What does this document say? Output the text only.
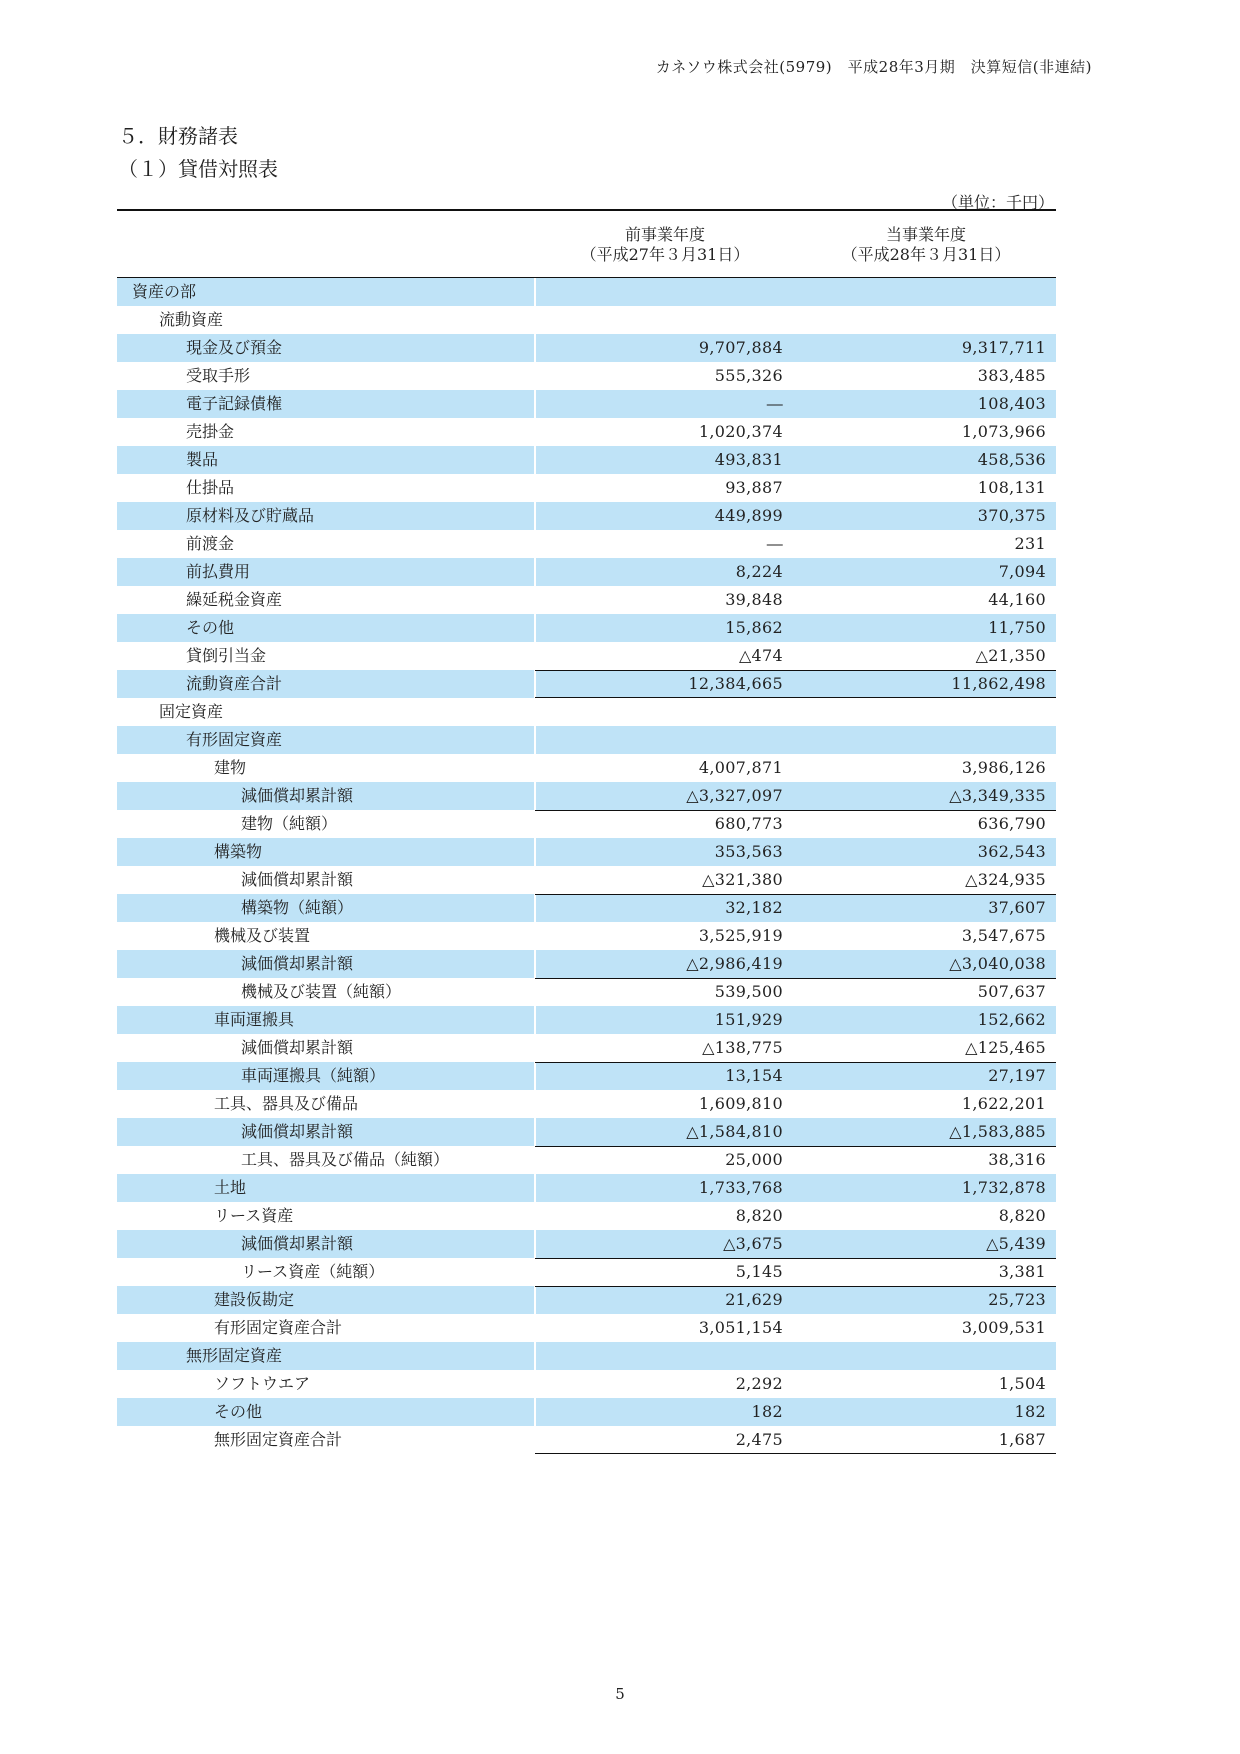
カネソウ株式会社(5979)　平成28年3月期　決算短信(非連結)
５．財務諸表
（１）貸借対照表
（単位：千円）
前事業年度
（平成27年３月31日）
当事業年度
（平成28年３月31日）
資産の部
流動資産
現金及び預金	9,707,884	9,317,711
受取手形	555,326	383,485
電子記録債権	―	108,403
売掛金	1,020,374	1,073,966
製品	493,831	458,536
仕掛品	93,887	108,131
原材料及び貯蔵品	449,899	370,375
前渡金	―	231
前払費用	8,224	7,094
繰延税金資産	39,848	44,160
その他	15,862	11,750
貸倒引当金	△474	△21,350
流動資産合計	12,384,665	11,862,498
固定資産
有形固定資産
建物	4,007,871	3,986,126
減価償却累計額	△3,327,097	△3,349,335
建物（純額）	680,773	636,790
構築物	353,563	362,543
減価償却累計額	△321,380	△324,935
構築物（純額）	32,182	37,607
機械及び装置	3,525,919	3,547,675
減価償却累計額	△2,986,419	△3,040,038
機械及び装置（純額）	539,500	507,637
車両運搬具	151,929	152,662
減価償却累計額	△138,775	△125,465
車両運搬具（純額）	13,154	27,197
工具、器具及び備品	1,609,810	1,622,201
減価償却累計額	△1,584,810	△1,583,885
工具、器具及び備品（純額）	25,000	38,316
土地	1,733,768	1,732,878
リース資産	8,820	8,820
減価償却累計額	△3,675	△5,439
リース資産（純額）	5,145	3,381
建設仮勘定	21,629	25,723
有形固定資産合計	3,051,154	3,009,531
無形固定資産
ソフトウエア	2,292	1,504
その他	182	182
無形固定資産合計	2,475	1,687
5
